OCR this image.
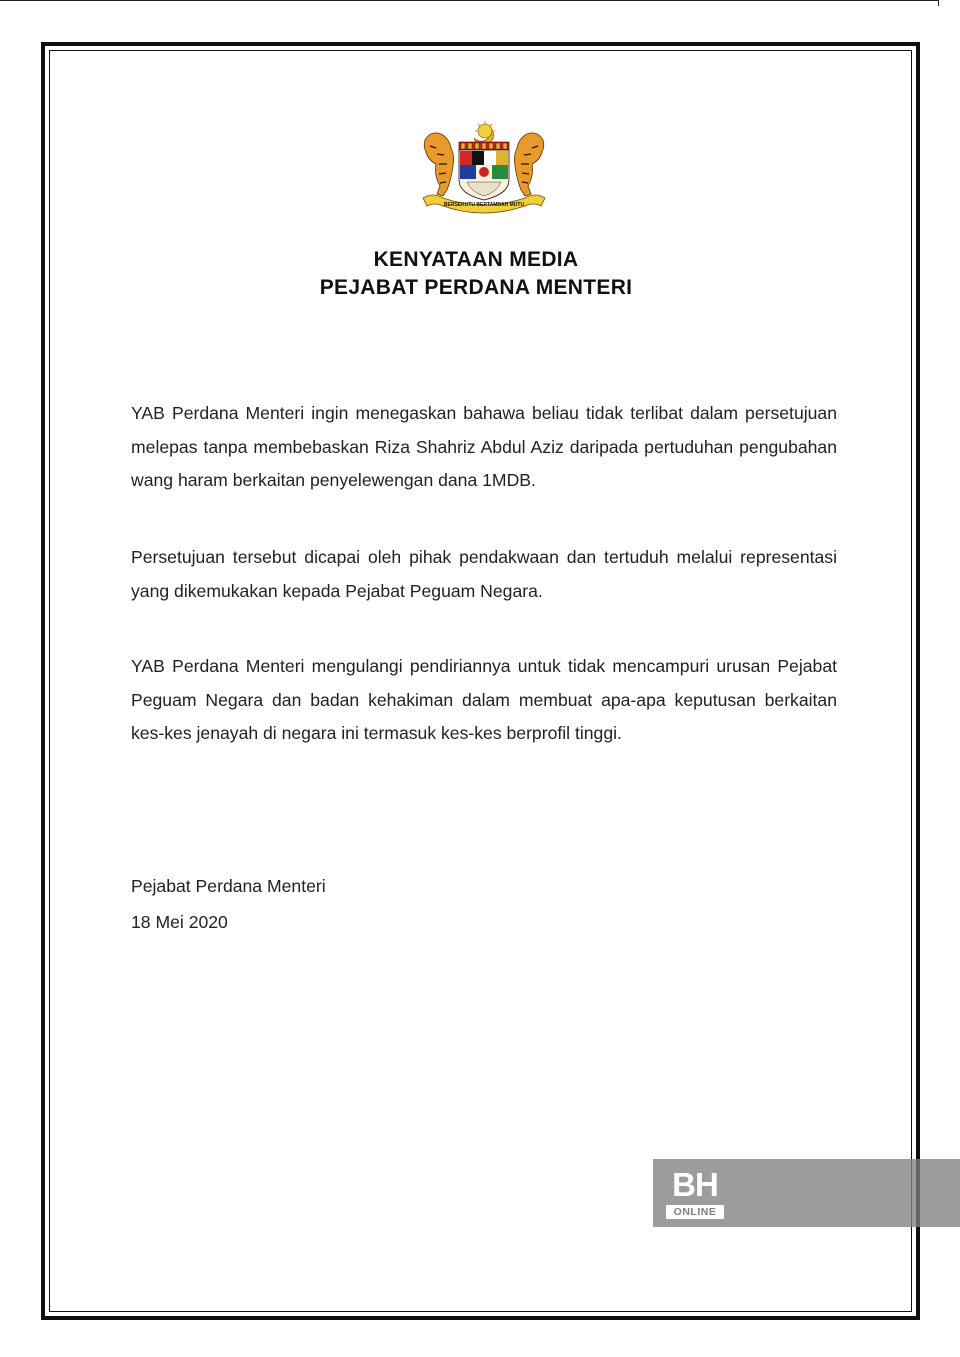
BERSEKUTU BERTAMBAH MUTU
KENYATAAN MEDIA
PEJABAT PERDANA MENTERI

YAB Perdana Menteri ingin menegaskan bahawa beliau tidak terlibat dalam persetujuan melepas tanpa membebaskan Riza Shahriz Abdul Aziz daripada pertuduhan pengubahan wang haram berkaitan penyelewengan dana 1MDB.

Persetujuan tersebut dicapai oleh pihak pendakwaan dan tertuduh melalui representasi yang dikemukakan kepada Pejabat Peguam Negara.

YAB Perdana Menteri mengulangi pendiriannya untuk tidak mencampuri urusan Pejabat Peguam Negara dan badan kehakiman dalam membuat apa-apa keputusan berkaitan kes-kes jenayah di negara ini termasuk kes-kes berprofil tinggi.

Pejabat Perdana Menteri

18 Mei 2020

BH
ONLINE
